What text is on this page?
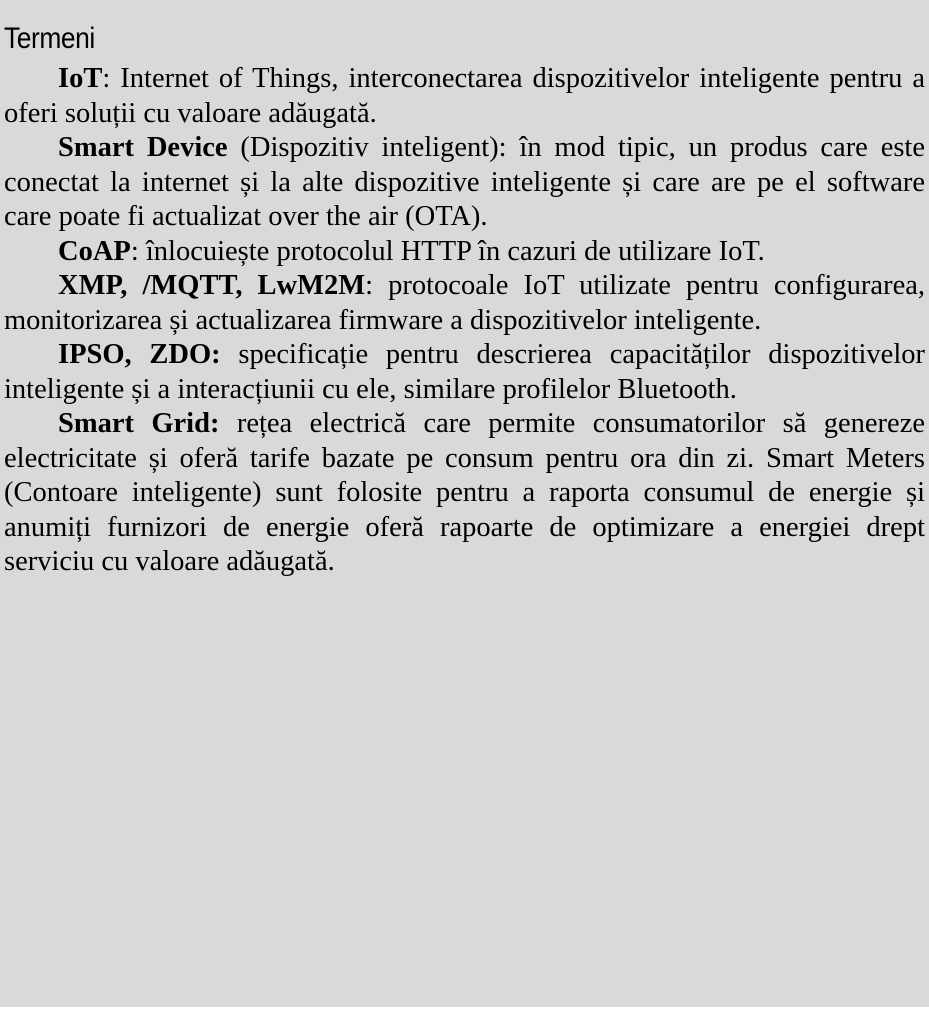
Termeni

IoT: Internet of Things, interconectarea dispozitivelor inteligente pentru a oferi soluții cu valoare adăugată.

Smart Device (Dispozitiv inteligent): în mod tipic, un produs care este conectat la internet și la alte dispozitive inteligente și care are pe el software care poate fi actualizat over the air (OTA).

CoAP: înlocuiește protocolul HTTP în cazuri de utilizare IoT.

XMP, /MQTT, LwM2M: protocoale IoT utilizate pentru configurarea, monitorizarea și actualizarea firmware a dispozitivelor inteligente.

IPSO, ZDO: specificație pentru descrierea capacităților dispozitivelor inteligente și a interacțiunii cu ele, similare profilelor Bluetooth.

Smart Grid: rețea electrică care permite consumatorilor să genereze electricitate și oferă tarife bazate pe consum pentru ora din zi. Smart Meters (Contoare inteligente) sunt folosite pentru a raporta consumul de energie și anumiți furnizori de energie oferă rapoarte de optimizare a energiei drept serviciu cu valoare adăugată.
